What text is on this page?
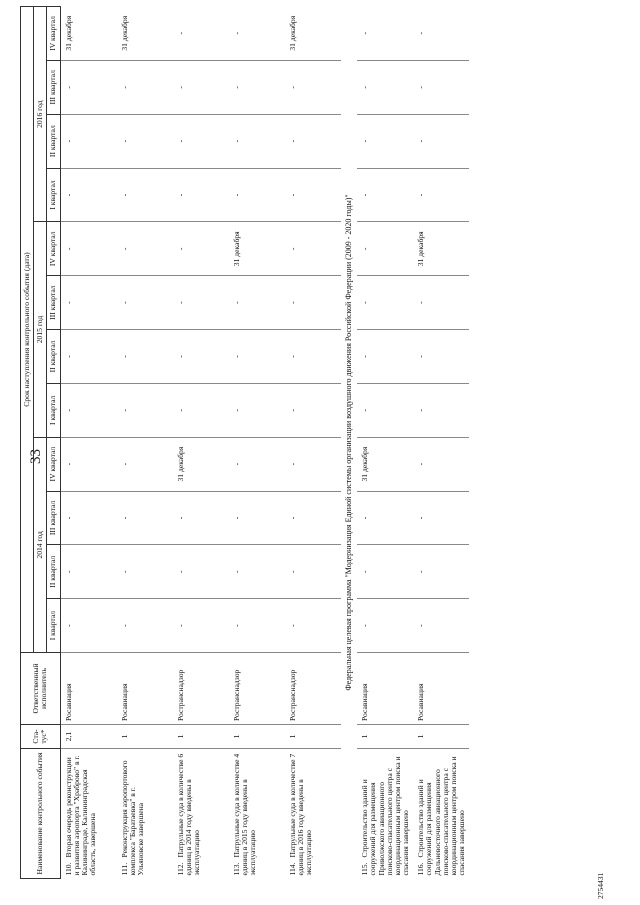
33
Наименование контрольного события	Ста-тус*	Ответственный исполнитель	Срок наступления контрольного события (дата)											
			2014 год				2015 год				2016 год			
			I квартал	II квартал	III квартал	IV квартал	I квартал	II квартал	III квартал	IV квартал	I квартал	II квартал	III квартал	IV квартал
110.Вторая очередь реконструкции и развития аэропорта "Храброво" в г. Калининграде, Калининградская область, завершена	2,1	Росавиация	-	-	-	-	-	-	-	-	-	-	-	31 декабря
111.Реконструкция аэропортового комплекса "Баратаевка" в г. Ульяновске завершена	1	Росавиация	-	-	-	-	-	-	-	-	-	-	-	31 декабря
112.Патрульные суда в количестве 6 единиц в 2014 году введены в эксплуатацию	1	Ространснадзор	-	-	-	31 декабря	-	-	-	-	-	-	-	-
113.Патрульные суда в количестве 4 единиц в 2015 году введены в эксплуатацию	1	Ространснадзор	-	-	-	-	-	-	-	31 декабря	-	-	-	-
114.Патрульные суда в количестве 7 единиц в 2016 году введены в эксплуатацию	1	Ространснадзор	-	-	-	-	-	-	-	-	-	-	-	31 декабря
Федеральная целевая программа "Модернизация Единой системы организации воздушного движения Российской Федерации (2009 - 2020 годы)"														
115.Строительство зданий и сооружений для размещения Приволжского авиационного поисково-спасательного центра с координационным центром поиска и спасания завершено	1	Росавиация	-	-	-	31 декабря	-	-	-	-	-	-	-	-
116.Строительство зданий и сооружений для размещения Дальневосточного авиационного поисково-спасательного центра с координационным центром поиска и спасания завершено	1	Росавиация	-	-	-	-	-	-	-	31 декабря	-	-	-	-
2754431
